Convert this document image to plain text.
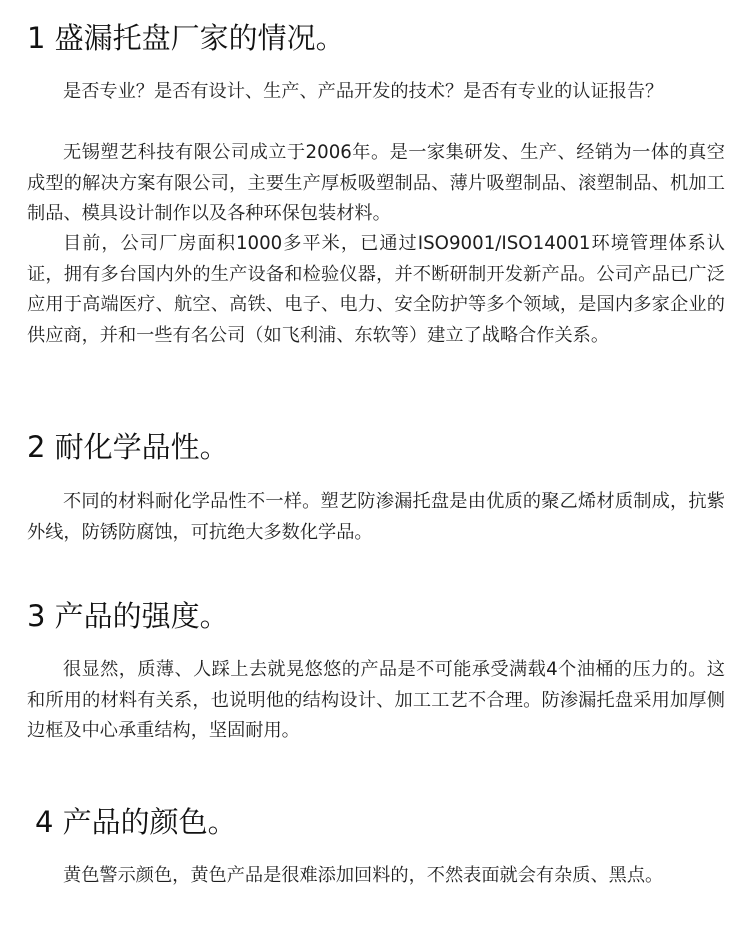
1 盛漏托盘厂家的情况。

是否专业？是否有设计、生产、产品开发的技术？是否有专业的认证报告？

无锡塑艺科技有限公司成立于2006年。是一家集研发、生产、经销为一体的真空成型的解决方案有限公司，主要生产厚板吸塑制品、薄片吸塑制品、滚塑制品、机加工制品、模具设计制作以及各种环保包装材料。

目前，公司厂房面积1000多平米，已通过ISO9001/ISO14001环境管理体系认证，拥有多台国内外的生产设备和检验仪器，并不断研制开发新产品。公司产品已广泛应用于高端医疗、航空、高铁、电子、电力、安全防护等多个领域，是国内多家企业的供应商，并和一些有名公司（如飞利浦、东软等）建立了战略合作关系。

2 耐化学品性。

不同的材料耐化学品性不一样。塑艺防渗漏托盘是由优质的聚乙烯材质制成，抗紫外线，防锈防腐蚀，可抗绝大多数化学品。

3 产品的强度。

很显然，质薄、人踩上去就晃悠悠的产品是不可能承受满载4个油桶的压力的。这和所用的材料有关系，也说明他的结构设计、加工工艺不合理。防渗漏托盘采用加厚侧边框及中心承重结构，坚固耐用。

4 产品的颜色。

黄色警示颜色，黄色产品是很难添加回料的，不然表面就会有杂质、黑点。
